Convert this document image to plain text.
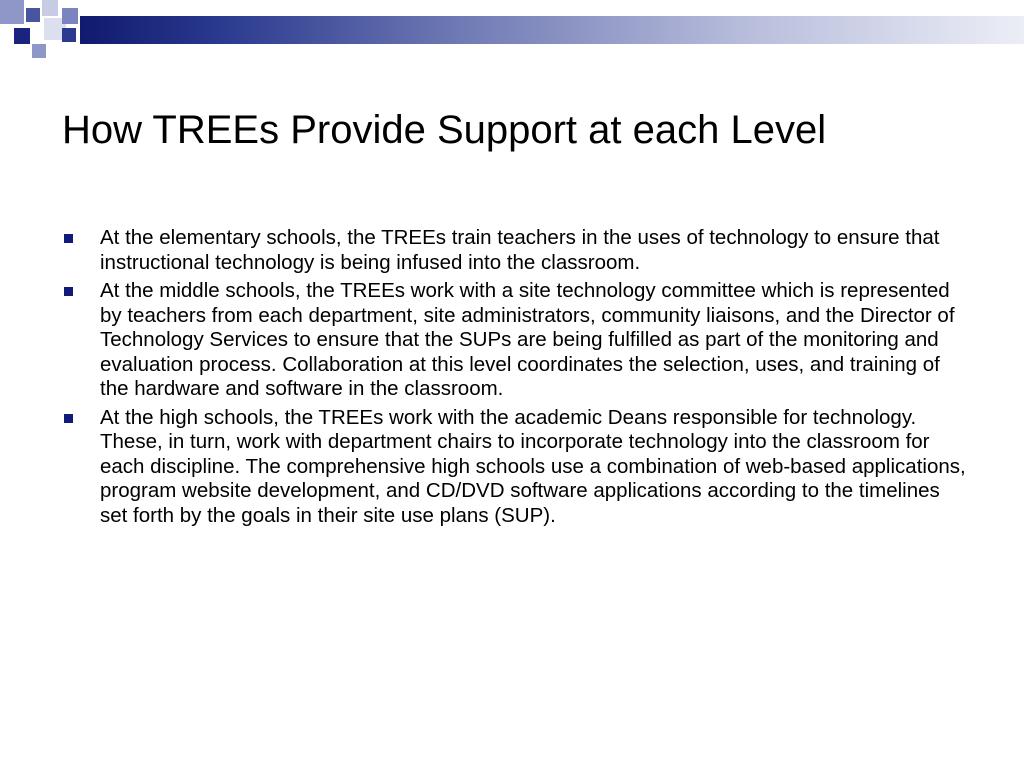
How TREEs Provide Support at each Level
At the elementary schools, the TREEs train teachers in the uses of technology to ensure that instructional technology is being infused into the classroom.
At the middle schools, the TREEs work with a site technology committee which is represented by teachers from each department, site administrators, community liaisons, and the Director of Technology Services to ensure that the SUPs are being fulfilled as part of the monitoring and evaluation process. Collaboration at this level coordinates the selection, uses, and training of the hardware and software in the classroom.
At the high schools, the TREEs work with the academic Deans responsible for technology. These, in turn, work with department chairs to incorporate technology into the classroom for each discipline. The comprehensive high schools use a combination of web-based applications, program website development, and CD/DVD software applications according to the timelines set forth by the goals in their site use plans (SUP).
